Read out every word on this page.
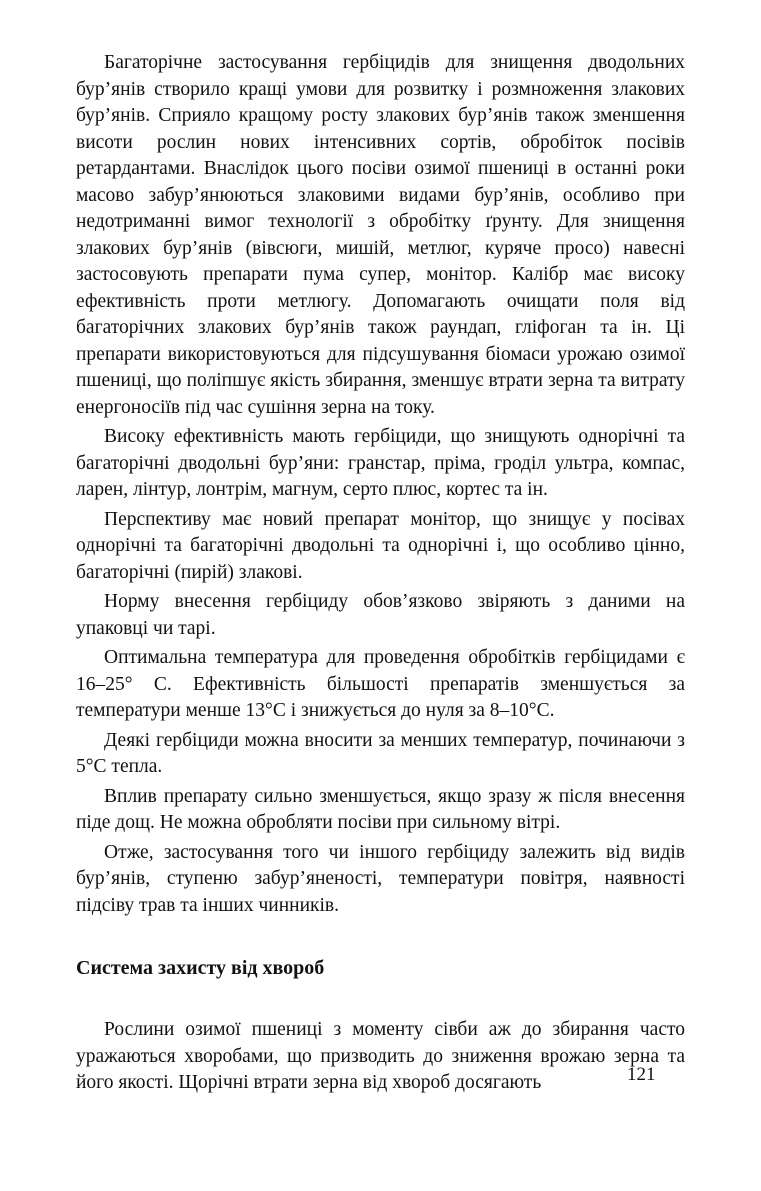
Багаторічне застосування гербіцидів для знищення дводольних бур’янів створило кращі умови для розвитку і розмноження злакових бур’янів. Сприяло кращому росту злакових бур’янів також зменшення висоти рослин нових інтенсивних сортів, обробіток посівів ретардантами. Внаслідок цього посіви озимої пшениці в останні роки масово забур’янюються злаковими видами бур’янів, особливо при недотриманні вимог технології з обробітку ґрунту. Для знищення злакових бур’янів (вівсюги, мишій, метлюг, куряче просо) навесні застосовують препарати пума супер, монітор. Калібр має високу ефективність проти метлюгу. Допомагають очищати поля від багаторічних злакових бур’янів також раундап, гліфоган та ін. Ці препарати використовуються для підсушування біомаси урожаю озимої пшениці, що поліпшує якість збирання, зменшує втрати зерна та витрату енергоносіїв під час сушіння зерна на току.

Високу ефективність мають гербіциди, що знищують однорічні та багаторічні дводольні бур’яни: гранстар, пріма, гроділ ультра, компас, ларен, лінтур, лонтрім, магнум, серто плюс, кортес та ін.

Перспективу має новий препарат монітор, що знищує у посівах однорічні та багаторічні дводольні та однорічні і, що особливо цінно, багаторічні (пирій) злакові.

Норму внесення гербіциду обов’язково звіряють з даними на упаковці чи тарі.

Оптимальна температура для проведення обробітків гербіцидами є 16–25° С. Ефективність більшості препаратів зменшується за температури менше 13°С і знижується до нуля за 8–10°С.

Деякі гербіциди можна вносити за менших температур, починаючи з 5°С тепла.

Вплив препарату сильно зменшується, якщо зразу ж після внесення піде дощ. Не можна обробляти посіви при сильному вітрі.

Отже, застосування того чи іншого гербіциду залежить від видів бур’янів, ступеню забур’яненості, температури повітря, наявності підсіву трав та інших чинників.

Система захисту від хвороб

Рослини озимої пшениці з моменту сівби аж до збирання часто уражаються хворобами, що призводить до зниження врожаю зерна та його якості. Щорічні втрати зерна від хвороб досягають	121
